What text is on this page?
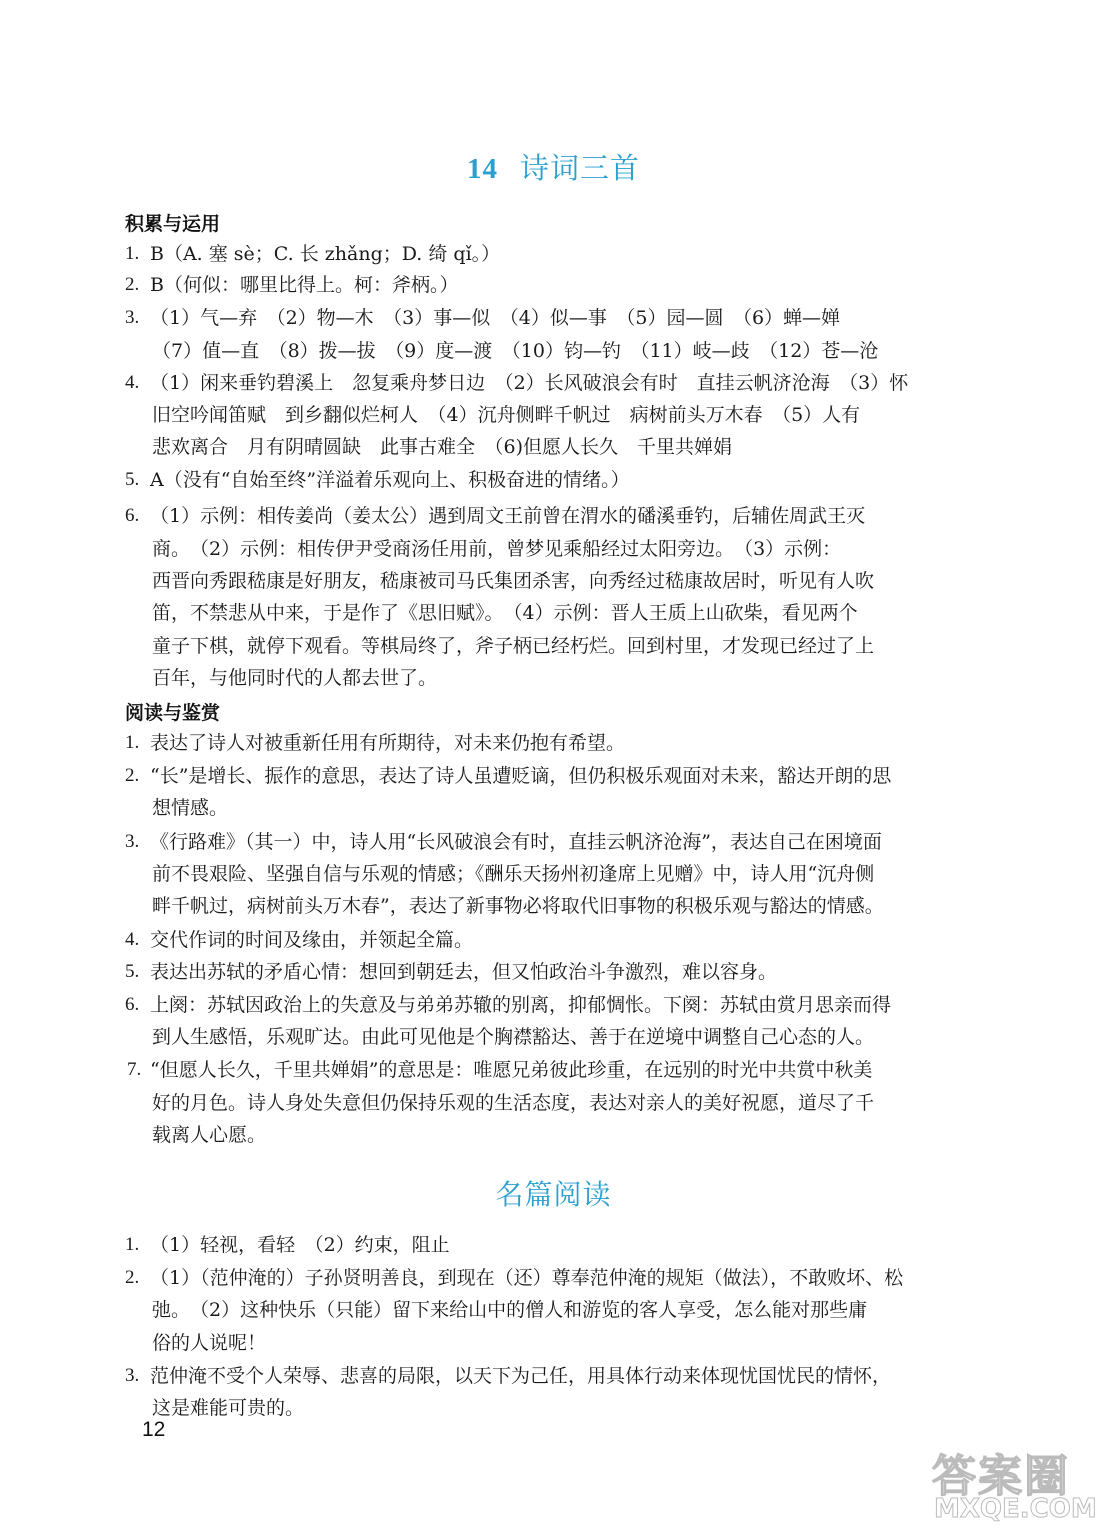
14 诗词三首
积累与运用
1. B（A. 塞 sè；C. 长 zhǎng；D. 绮 qǐ。）
2. B（何似：哪里比得上。柯：斧柄。）
3. （1）气—弃　（2）物—木　（3）事—似　（4）似—事　（5）园—圆　（6）蝉—婵
（7）值—直　（8）拨—拔　（9）度—渡　（10）钧—钓　（11）岐—歧　（12）苍—沧
4. （1）闲来垂钓碧溪上　忽复乘舟梦日边　（2）长风破浪会有时　直挂云帆济沧海　（3）怀
旧空吟闻笛赋　到乡翻似烂柯人　（4）沉舟侧畔千帆过　病树前头万木春　（5）人有
悲欢离合　月有阴晴圆缺　此事古难全　（6)但愿人长久　千里共婵娟
5. A（没有“自始至终”洋溢着乐观向上、积极奋进的情绪。）
6. （1）示例：相传姜尚（姜太公）遇到周文王前曾在渭水的磻溪垂钓，后辅佐周武王灭
商。　（2）示例：相传伊尹受商汤任用前，曾梦见乘船经过太阳旁边。　（3）示例：
西晋向秀跟嵇康是好朋友，嵇康被司马氏集团杀害，向秀经过嵇康故居时，听见有人吹
笛，不禁悲从中来，于是作了《思旧赋》。　（4）示例：晋人王质上山砍柴，看见两个
童子下棋，就停下观看。等棋局终了，斧子柄已经朽烂。回到村里，才发现已经过了上
百年，与他同时代的人都去世了。
阅读与鉴赏
1. 表达了诗人对被重新任用有所期待，对未来仍抱有希望。
2. “长”是增长、振作的意思，表达了诗人虽遭贬谪，但仍积极乐观面对未来，豁达开朗的思
想情感。
3. 《行路难》（其一）中，诗人用“长风破浪会有时，直挂云帆济沧海”，表达自己在困境面
前不畏艰险、坚强自信与乐观的情感；《酬乐天扬州初逢席上见赠》中，诗人用“沉舟侧
畔千帆过，病树前头万木春”，表达了新事物必将取代旧事物的积极乐观与豁达的情感。
4. 交代作词的时间及缘由，并领起全篇。
5. 表达出苏轼的矛盾心情：想回到朝廷去，但又怕政治斗争激烈，难以容身。
6. 上阕：苏轼因政治上的失意及与弟弟苏辙的别离，抑郁惆怅。下阕：苏轼由赏月思亲而得
到人生感悟，乐观旷达。由此可见他是个胸襟豁达、善于在逆境中调整自己心态的人。
7. “但愿人长久，千里共婵娟”的意思是：唯愿兄弟彼此珍重，在远别的时光中共赏中秋美
好的月色。诗人身处失意但仍保持乐观的生活态度，表达对亲人的美好祝愿，道尽了千
载离人心愿。
名篇阅读
1. （1）轻视，看轻　（2）约束，阻止
2. （1）（范仲淹的）子孙贤明善良，到现在（还）尊奉范仲淹的规矩（做法），不敢败坏、松
弛。　（2）这种快乐（只能）留下来给山中的僧人和游览的客人享受，怎么能对那些庸
俗的人说呢！
3. 范仲淹不受个人荣辱、悲喜的局限，以天下为己任，用具体行动来体现忧国忧民的情怀，
这是难能可贵的。
12
答案圈
MXQE.COM
